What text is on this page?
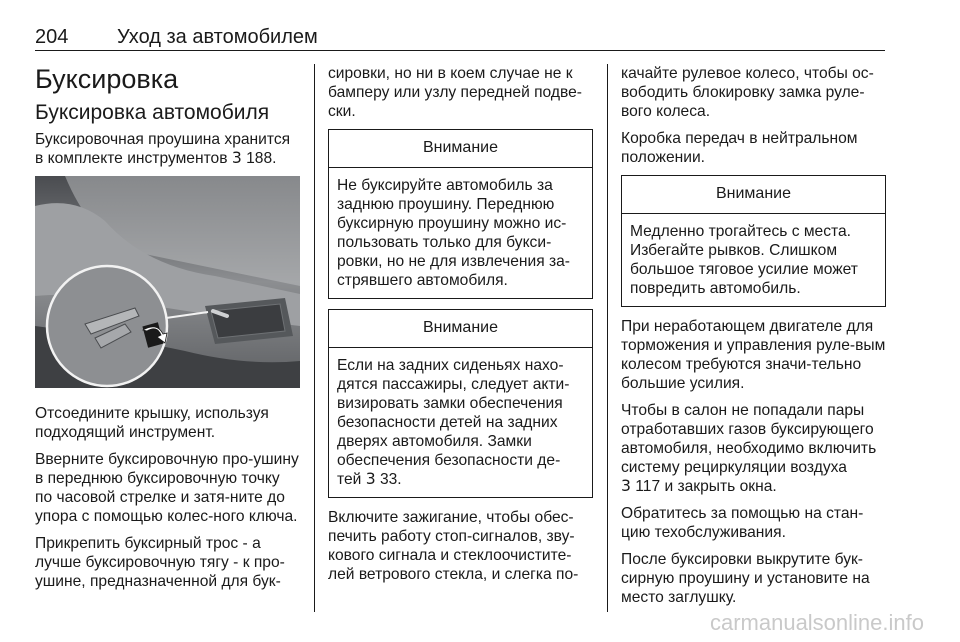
204 Уход за автомобилем
Буксировка
Буксировка автомобиля

Буксировочная проушина хранится в комплекте инструментов 3 188.

Отсоедините крышку, используя подходящий инструмент.

Вверните буксировочную про-ушину в переднюю буксировочную точку по часовой стрелке и затя-ните до упора с помощью колес-ного ключа.

Прикрепить буксирный трос - а лучше буксировочную тягу - к про-ушине, предназначенной для бук-

сировки, но ни в коем случае не к бамперу или узлу передней подве-ски.

Внимание
Не буксируйте автомобиль за заднюю проушину. Переднюю буксирную проушину можно ис-пользовать только для букси-ровки, но не для извлечения за-стрявшего автомобиля.
Внимание
Если на задних сиденьях нахо-дятся пассажиры, следует акти-визировать замки обеспечения безопасности детей на задних дверях автомобиля. Замки обеспечения безопасности де-тей 3 33.

Включите зажигание, чтобы обес-печить работу стоп-сигналов, зву-кового сигнала и стеклоочистите-лей ветрового стекла, и слегка по-

качайте рулевое колесо, чтобы ос-вободить блокировку замка руле-вого колеса.

Коробка передач в нейтральном положении.

Внимание
Медленно трогайтесь с места. Избегайте рывков. Слишком большое тяговое усилие может повредить автомобиль.

При неработающем двигателе для торможения и управления руле-вым колесом требуются значи-тельно большие усилия.

Чтобы в салон не попадали пары отработавших газов буксирующего автомобиля, необходимо включить систему рециркуляции воздуха
3 117 и закрыть окна.

Обратитесь за помощью на стан-цию техобслуживания.

После буксировки выкрутите бук-сирную проушину и установите на место заглушку.

carmanualsonline.info
